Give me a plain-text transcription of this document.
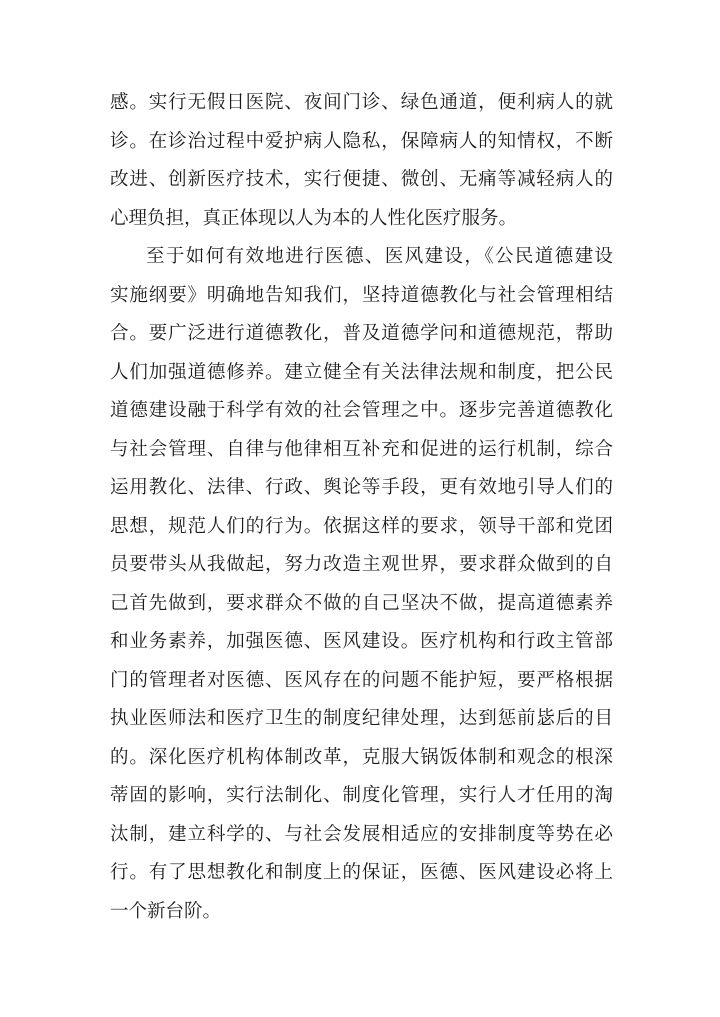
感。实行无假日医院、夜间门诊、绿色通道，便利病人的就
诊。在诊治过程中爱护病人隐私，保障病人的知情权，不断
改进、创新医疗技术，实行便捷、微创、无痛等减轻病人的
心理负担，真正体现以人为本的人性化医疗服务。
至于如何有效地进行医德、医风建设，《公民道德建设
实施纲要》明确地告知我们，坚持道德教化与社会管理相结
合。要广泛进行道德教化，普及道德学问和道德规范，帮助
人们加强道德修养。建立健全有关法律法规和制度，把公民
道德建设融于科学有效的社会管理之中。逐步完善道德教化
与社会管理、自律与他律相互补充和促进的运行机制，综合
运用教化、法律、行政、舆论等手段，更有效地引导人们的
思想，规范人们的行为。依据这样的要求，领导干部和党团
员要带头从我做起，努力改造主观世界，要求群众做到的自
己首先做到，要求群众不做的自己坚决不做，提高道德素养
和业务素养，加强医德、医风建设。医疗机构和行政主管部
门的管理者对医德、医风存在的问题不能护短，要严格根据
执业医师法和医疗卫生的制度纪律处理，达到惩前毖后的目
的。深化医疗机构体制改革，克服大锅饭体制和观念的根深
蒂固的影响，实行法制化、制度化管理，实行人才任用的淘
汰制，建立科学的、与社会发展相适应的安排制度等势在必
行。有了思想教化和制度上的保证，医德、医风建设必将上
一个新台阶。
